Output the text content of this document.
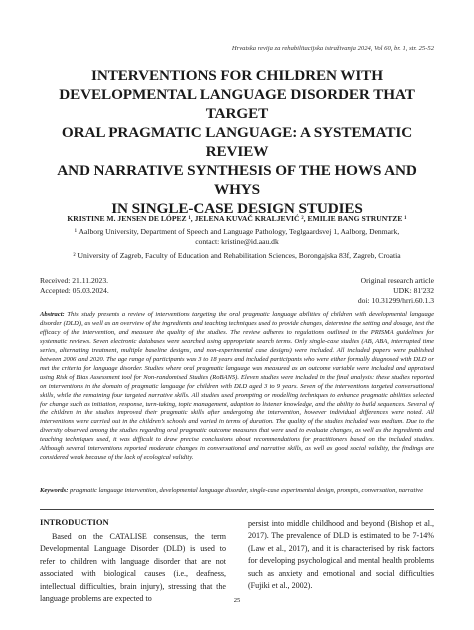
Hrvatska revija za rehabilitacijska istraživanja 2024, Vol 60, br. 1, str. 25-52
INTERVENTIONS FOR CHILDREN WITH
DEVELOPMENTAL LANGUAGE DISORDER THAT TARGET
ORAL PRAGMATIC LANGUAGE: A SYSTEMATIC REVIEW
AND NARRATIVE SYNTHESIS OF THE HOWS AND WHYS
IN SINGLE-CASE DESIGN STUDIES
KRISTINE M. JENSEN DE LÓPEZ ¹, JELENA KUVAČ KRALJEVIĆ ², EMILIE BANG STRUNTZE ¹
¹ Aalborg University, Department of Speech and Language Pathology, Teglgaardsvej 1, Aalborg, Denmark,
contact: kristine@id.aau.dk
² University of Zagreb, Faculty of Education and Rehabilitation Sciences, Borongajska 83f, Zagreb, Croatia
Received: 21.11.2023.
Accepted: 05.03.2024.
Original research article
UDK: 81'232
doi: 10.31299/hrri.60.1.3

Abstract: This study presents a review of interventions targeting the oral pragmatic language abilities of children with developmental language disorder (DLD), as well as an overview of the ingredients and teaching techniques used to provide changes, determine the setting and dosage, test the efficacy of the intervention, and measure the quality of the studies. The review adheres to regulations outlined in the PRISMA guidelines for systematic reviews. Seven electronic databases were searched using appropriate search terms. Only single-case studies (AB, ABA, interrupted time series, alternating treatment, multiple baseline designs, and non-experimental case designs) were included. All included papers were published between 2006 and 2020. The age range of participants was 3 to 18 years and included participants who were either formally diagnosed with DLD or met the criteria for language disorder. Studies where oral pragmatic language was measured as an outcome variable were included and appraised using Risk of Bias Assessment tool for Non-randomised Studies (RoBANS). Eleven studies were included in the final analysis: these studies reported on interventions in the domain of pragmatic language for children with DLD aged 3 to 9 years. Seven of the interventions targeted conversational skills, while the remaining four targeted narrative skills. All studies used prompting or modelling techniques to enhance pragmatic abilities selected for change such as initiation, response, turn-taking, topic management, adaption to listener knowledge, and the ability to build sequences. Several of the children in the studies improved their pragmatic skills after undergoing the intervention, however individual differences were noted. All interventions were carried out in the children’s schools and varied in terms of duration. The quality of the studies included was medium. Due to the diversity observed among the studies regarding oral pragmatic outcome measures that were used to evaluate changes, as well as the ingredients and teaching techniques used, it was difficult to draw precise conclusions about recommendations for practitioners based on the included studies. Although several interventions reported moderate changes in conversational and narrative skills, as well as good social validity, the findings are considered weak because of the lack of ecological validity.

Keywords: pragmatic language intervention, developmental language disorder, single-case experimental design, prompts, conversation, narrative

INTRODUCTION

Based on the CATALISE consensus, the term Developmental Language Disorder (DLD) is used to refer to children with language disorder that are not associated with biological causes (i.e., deafness, intellectual difficulties, brain injury), stressing that the language problems are expected to

persist into middle childhood and beyond (Bishop et al., 2017). The prevalence of DLD is estimated to be 7-14% (Law et al., 2017), and it is characterised by risk factors for developing psychological and mental health problems such as anxiety and emotional and social difficulties (Fujiki et al., 2002).

25
